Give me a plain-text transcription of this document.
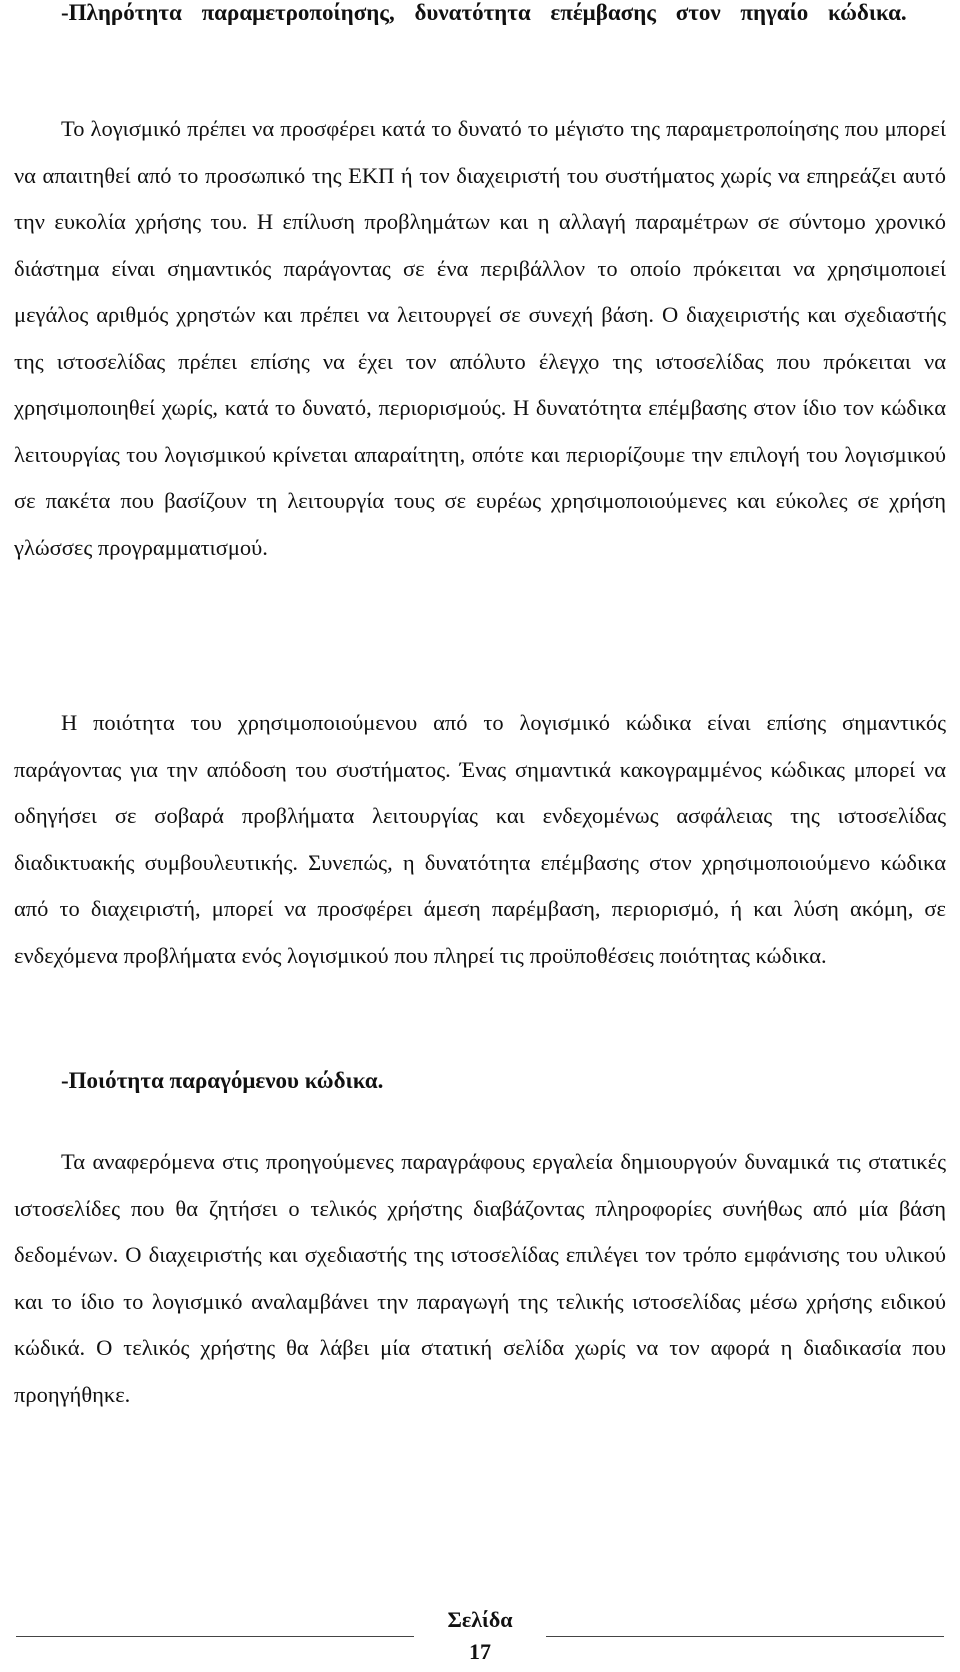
-Πληρότητα παραμετροποίησης, δυνατότητα επέμβασης στον πηγαίο κώδικα.

Το λογισμικό πρέπει να προσφέρει κατά το δυνατό το μέγιστο της παραμετροποίησης που μπορεί να απαιτηθεί από το προσωπικό της ΕΚΠ ή τον διαχειριστή του συστήματος χωρίς να επηρεάζει αυτό την ευκολία χρήσης του. Η επίλυση προβλημάτων και η αλλαγή παραμέτρων σε σύντομο χρονικό διάστημα είναι σημαντικός παράγοντας σε ένα περιβάλλον το οποίο πρόκειται να χρησιμοποιεί μεγάλος αριθμός χρηστών και πρέπει να λειτουργεί σε συνεχή βάση. Ο διαχειριστής και σχεδιαστής της ιστοσελίδας πρέπει επίσης να έχει τον απόλυτο έλεγχο της ιστοσελίδας που πρόκειται να χρησιμοποιηθεί χωρίς, κατά το δυνατό, περιορισμούς. Η δυνατότητα επέμβασης στον ίδιο τον κώδικα λειτουργίας του λογισμικού κρίνεται απαραίτητη, οπότε και περιορίζουμε την επιλογή του λογισμικού σε πακέτα που βασίζουν τη λειτουργία τους σε ευρέως χρησιμοποιούμενες και εύκολες σε χρήση γλώσσες προγραμματισμού.

Η ποιότητα του χρησιμοποιούμενου από το λογισμικό κώδικα είναι επίσης σημαντικός παράγοντας για την απόδοση του συστήματος. Ένας σημαντικά κακογραμμένος κώδικας μπορεί να οδηγήσει σε σοβαρά προβλήματα λειτουργίας και ενδεχομένως ασφάλειας της ιστοσελίδας διαδικτυακής συμβουλευτικής. Συνεπώς, η δυνατότητα επέμβασης στον χρησιμοποιούμενο κώδικα από το διαχειριστή, μπορεί να προσφέρει άμεση παρέμβαση, περιορισμό, ή και λύση ακόμη, σε ενδεχόμενα προβλήματα ενός λογισμικού που πληρεί τις προϋποθέσεις ποιότητας κώδικα.

-Ποιότητα παραγόμενου κώδικα.

Τα αναφερόμενα στις προηγούμενες παραγράφους εργαλεία δημιουργούν δυναμικά τις στατικές ιστοσελίδες που θα ζητήσει ο τελικός χρήστης διαβάζοντας πληροφορίες συνήθως από μία βάση δεδομένων. Ο διαχειριστής και σχεδιαστής της ιστοσελίδας επιλέγει τον τρόπο εμφάνισης του υλικού και το ίδιο το λογισμικό αναλαμβάνει την παραγωγή της τελικής ιστοσελίδας μέσω χρήσης ειδικού κώδικά. Ο τελικός χρήστης θα λάβει μία στατική σελίδα χωρίς να τον αφορά η διαδικασία που προηγήθηκε.

Σελίδα

17
